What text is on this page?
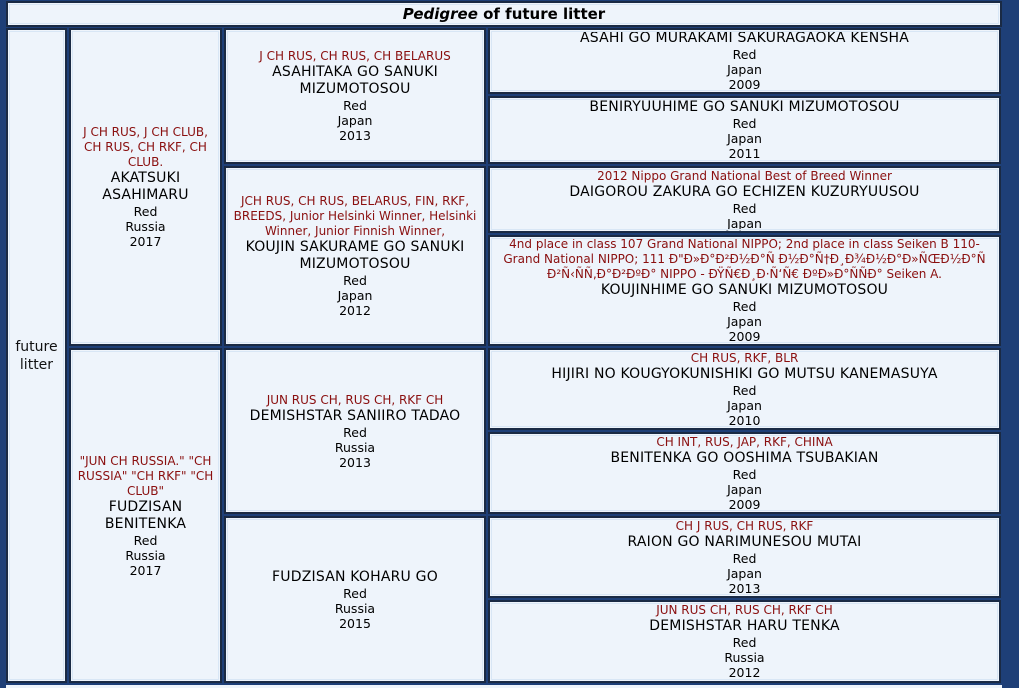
Pedigree of future litter
future litter
J CH RUS, J CH CLUB, CH RUS, CH RKF, CH CLUB.
AKATSUKI ASAHIMARU
Red
Russia
2017
"JUN CH RUSSIA." "CH RUSSIA" "CH RKF" "CH CLUB"
FUDZISAN BENITENKA
Red
Russia
2017
J CH RUS, CH RUS, CH BELARUS
ASAHITAKA GO SANUKI MIZUMOTOSOU
Red
Japan
2013
JCH RUS, CH RUS, BELARUS, FIN, RKF, BREEDS, Junior Helsinki Winner, Helsinki Winner, Junior Finnish Winner,
KOUJIN SAKURAME GO SANUKI MIZUMOTOSOU
Red
Japan
2012
JUN RUS CH, RUS CH, RKF CH
DEMISHSTAR SANIIRO TADAO
Red
Russia
2013
FUDZISAN KOHARU GO
Red
Russia
2015
ASAHI GO MURAKAMI SAKURAGAOKA KENSHA
Red
Japan
2009
BENIRYUUHIME GO SANUKI MIZUMOTOSOU
Red
Japan
2011
2012 Nippo Grand National Best of Breed Winner
DAIGOROU ZAKURA GO ECHIZEN KUZURYUUSOU
Red
Japan
4nd place in class 107 Grand National NIPPO; 2nd place in class Seiken B 110-Grand National NIPPO; 111 Ð"Ð»Ð°Ð²Ð½Ð°Ñ Ð½Ð°Ñ†Ð¸Ð¾Ð½Ð°Ð»ÑŒÐ½Ð°Ñ Ð²Ñ‹ÑÑ‚Ð°Ð²ÐºÐ° NIPPO - ÐŸÑ€Ð¸Ð·Ñ‘Ñ€ ÐºÐ»Ð°ÑÑÐ° Seiken A.
KOUJINHIME GO SANUKI MIZUMOTOSOU
Red
Japan
2009
CH RUS, RKF, BLR
HIJIRI NO KOUGYOKUNISHIKI GO MUTSU KANEMASUYA
Red
Japan
2010
CH INT, RUS, JAP, RKF, CHINA
BENITENKA GO OOSHIMA TSUBAKIAN
Red
Japan
2009
CH J RUS, CH RUS, RKF
RAION GO NARIMUNESOU MUTAI
Red
Japan
2013
JUN RUS CH, RUS CH, RKF CH
DEMISHSTAR HARU TENKA
Red
Russia
2012
